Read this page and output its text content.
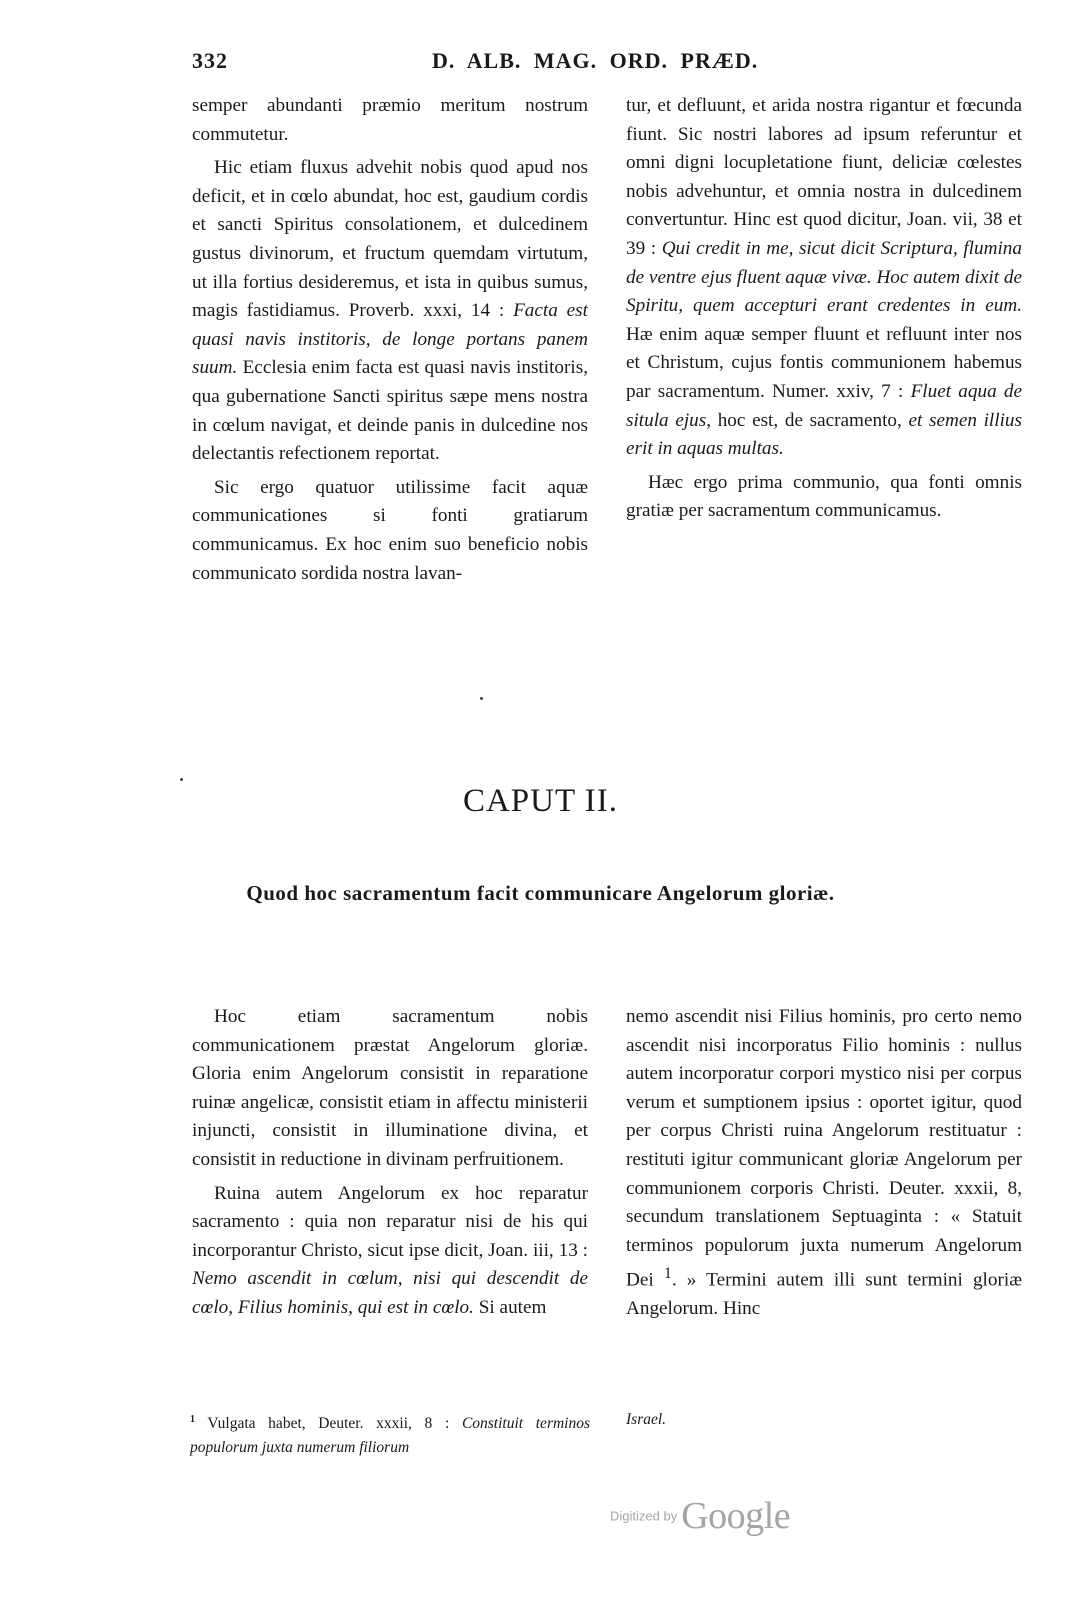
332	D. ALB. MAG. ORD. PRÆD.

semper abundanti præmio meritum nostrum commutetur.

Hic etiam fluxus advehit nobis quod apud nos deficit, et in cœlo abundat, hoc est, gaudium cordis et sancti Spiritus consolationem, et dulcedinem gustus divinorum, et fructum quemdam virtutum, ut illa fortius desideremus, et ista in quibus sumus, magis fastidiamus. Proverb. xxxi, 14 : Facta est quasi navis institoris, de longe portans panem suum. Ecclesia enim facta est quasi navis institoris, qua gubernatione Sancti spiritus sæpe mens nostra in cœlum navigat, et deinde panis in dulcedine nos delectantis refectionem reportat.

Sic ergo quatuor utilissime facit aquæ communicationes si fonti gratiarum communicamus. Ex hoc enim suo beneficio nobis communicato sordida nostra lavan-

tur, et defluunt, et arida nostra rigantur et fœcunda fiunt. Sic nostri labores ad ipsum referuntur et omni digni locupletatione fiunt, deliciæ cœlestes nobis advehuntur, et omnia nostra in dulcedinem convertuntur. Hinc est quod dicitur, Joan. vii, 38 et 39 : Qui credit in me, sicut dicit Scriptura, flumina de ventre ejus fluent aquæ vivæ. Hoc autem dixit de Spiritu, quem accepturi erant credentes in eum. Hæ enim aquæ semper fluunt et refluunt inter nos et Christum, cujus fontis communionem habemus par sacramentum. Numer. xxiv, 7 : Fluet aqua de situla ejus, hoc est, de sacramento, et semen illius erit in aquas multas.

Hæc ergo prima communio, qua fonti omnis gratiæ per sacramentum communicamus.

CAPUT II.
Quod hoc sacramentum facit communicare Angelorum gloriæ.

Hoc etiam sacramentum nobis communicationem præstat Angelorum gloriæ. Gloria enim Angelorum consistit in reparatione ruinæ angelicæ, consistit etiam in affectu ministerii injuncti, consistit in illuminatione divina, et consistit in reductione in divinam perfruitionem.

Ruina autem Angelorum ex hoc reparatur sacramento : quia non reparatur nisi de his qui incorporantur Christo, sicut ipse dicit, Joan. iii, 13 : Nemo ascendit in cœlum, nisi qui descendit de cœlo, Filius hominis, qui est in cœlo. Si autem

nemo ascendit nisi Filius hominis, pro certo nemo ascendit nisi incorporatus Filio hominis : nullus autem incorporatur corpori mystico nisi per corpus verum et sumptionem ipsius : oportet igitur, quod per corpus Christi ruina Angelorum restituatur : restituti igitur communicant gloriæ Angelorum per communionem corporis Christi. Deuter. xxxii, 8, secundum translationem Septuaginta : « Statuit terminos populorum juxta numerum Angelorum Dei $^1$. » Termini autem illi sunt termini gloriæ Angelorum. Hinc

$^1$ Vulgata habet, Deuter. xxxii, 8 : Constituit terminos populorum juxta numerum filiorum
Israel.
Digitized by Google
